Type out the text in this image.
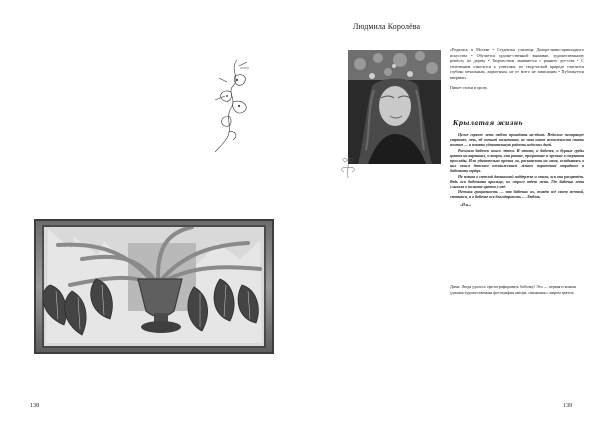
138	139
Людмила Королёва

«Родилась в Москве • Студентка училища Декора-тивно-прикладного искусства • Обучается художе-ственной вышивке, художественному ремёслу по дереву • Творчеством занимается с раннего дет-ства • С увлечением относится к учителям, по твор-ческой природе считается глубоко печальным, лирич-ным, не от всего не зависящим • Публикуется впервые»

Пишет стихи и прозу.

Крылатая жизнь

Целое горячее лето люблю проводить на-едине. Недолгое пестрящее утреннее, лечь, об осенней пальтишке, не зная иначе возможности стать поэтом — и понять удивительную радость недолгих дней.

Рисовала бабочек много летом. И чтото, и бабочек, и бурные груды цветов на картинах, и ковров, они разные, прозрачные и хрупкие в сверкании прохлады. Или удивительно прочна ли, раскинувши на меня, вглядываясь в них своим детским постижением лёгкого поражения отрадного и бабочкина сердца.

Не всякая в светлой давнишней поддержке и стала, вся она расцветёт. Ведь вся бабочкина крыльцо, но строго ведет меня. Где бабочка лета слыхала в полноте цветов у неё.

Нежная грациозность — это бабочка: ах, живёт всё своею мечтой, светится, и в бабочке вся благодарность — Любовь.

«Н.н.»

Дима: Людя удалось сфотографировать бабочку! Это — первая и всякая удачная художественная фотография автора, связанная с миром цветов.
